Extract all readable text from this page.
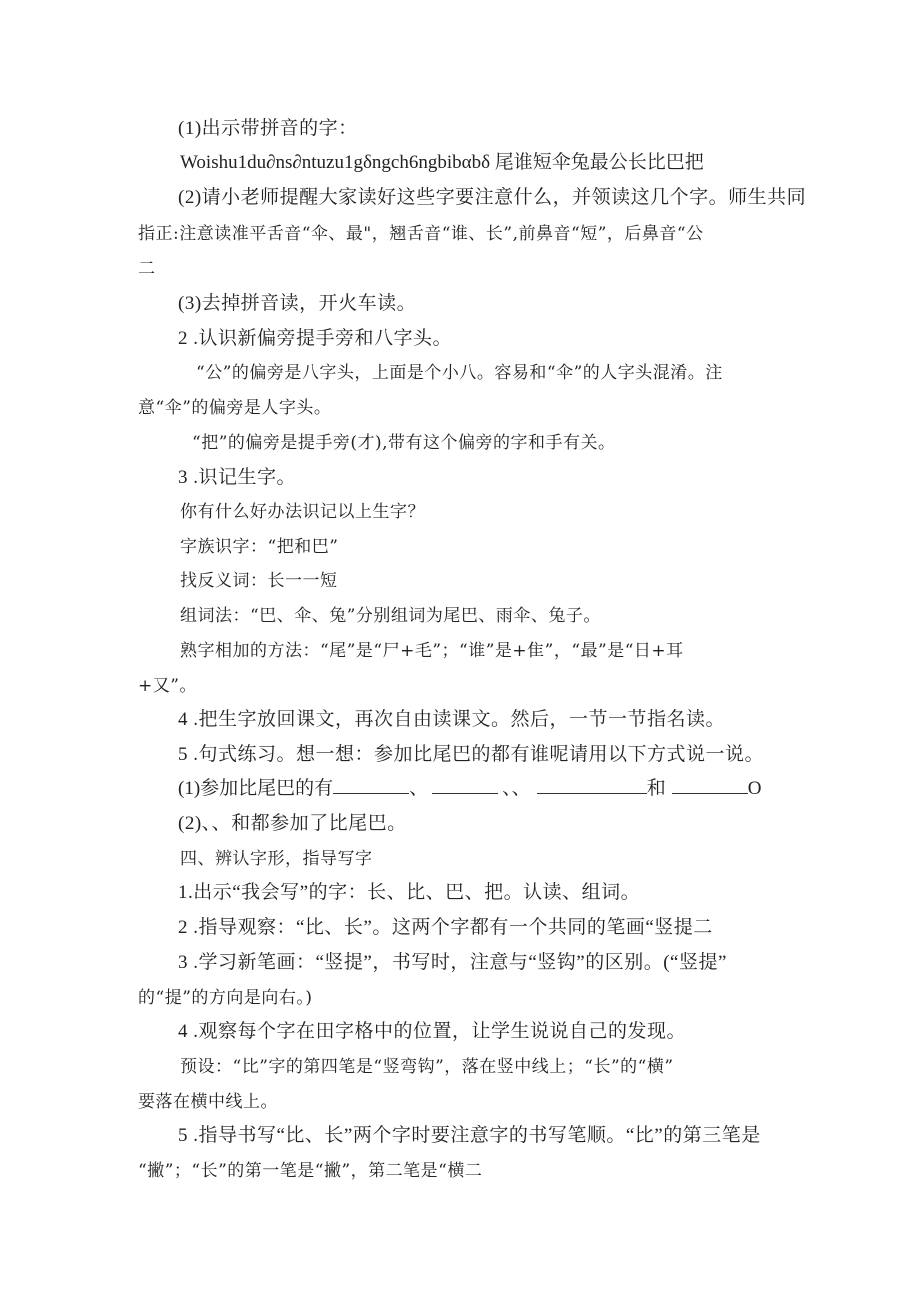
(1)出示带拼音的字：
Woishu1du∂ns∂ntuzu1gδngch6ngbibαbδ 尾谁短伞兔最公长比巴把
(2)请小老师提醒大家读好这些字要注意什么，并领读这几个字。师生共同
指正:注意读准平舌音“伞、最"，翘舌音“谁、长”,前鼻音“短”，后鼻音“公
二
(3)去掉拼音读，开火车读。
2 .认识新偏旁提手旁和八字头。
“公”的偏旁是八字头，上面是个小八。容易和“伞”的人字头混淆。注
意“伞”的偏旁是人字头。
“把”的偏旁是提手旁(才),带有这个偏旁的字和手有关。
3 .识记生字。
你有什么好办法识记以上生字？
字族识字：“把和巴”
找反义词：长一一短
组词法：“巴、伞、兔”分别组词为尾巴、雨伞、兔子。
熟字相加的方法：“尾”是“尸+毛”；“谁”是+隹”，“最”是“日+耳
+又”。
4 .把生字放回课文，再次自由读课文。然后，一节一节指名读。
5 .句式练习。想一想：参加比尾巴的都有谁呢请用以下方式说一说。
(1)参加比尾巴的有	、	、、	和	O
(2)、、和都参加了比尾巴。
四、辨认字形，指导写字
1.出示“我会写”的字：长、比、巴、把。认读、组词。
2 .指导观察：“比、长”。这两个字都有一个共同的笔画“竖提二
3 .学习新笔画：“竖提”，书写时，注意与“竖钩”的区别。(“竖提”
的“提”的方向是向右。)
4 .观察每个字在田字格中的位置，让学生说说自己的发现。
预设：“比”字的第四笔是“竖弯钩”，落在竖中线上；“长”的“横”
要落在横中线上。
5 .指导书写“比、长”两个字时要注意字的书写笔顺。“比”的第三笔是
“撇”；“长”的第一笔是“撇”，第二笔是“横二
